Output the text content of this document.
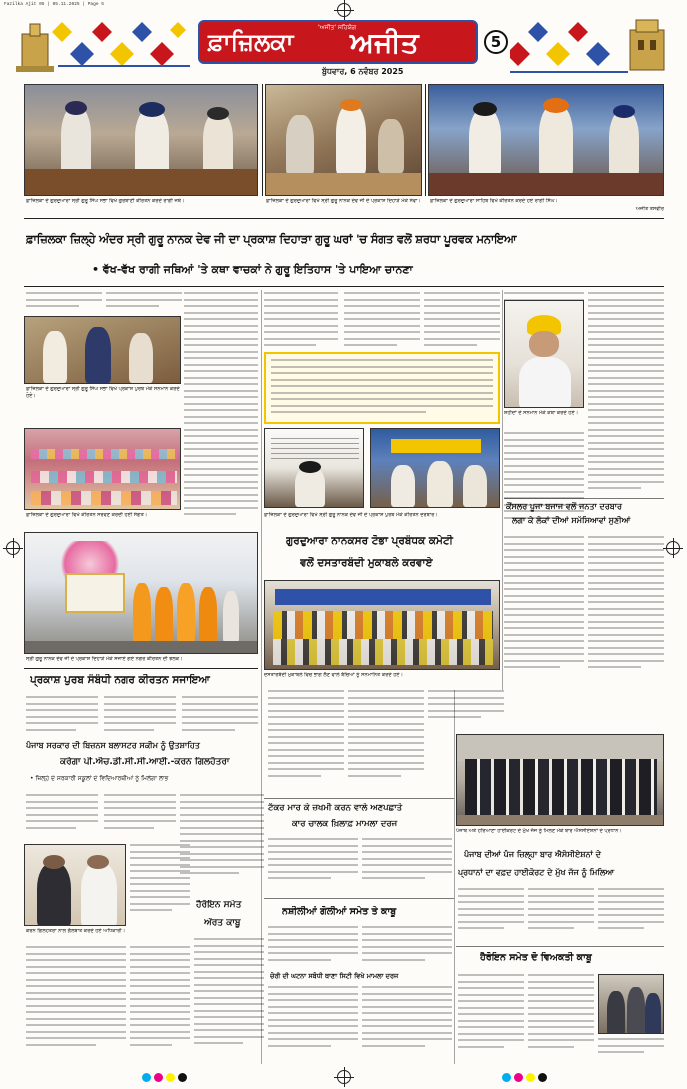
Fazilka Ajit 05 | 05.11.2025 | Page 5
ਫ਼ਾਜ਼ਿਲਕਾ
'ਅਜੀਤ' ਸਹਿਯੋਗ
ਅਜੀਤ
ਬੁੱਧਵਾਰ, 6 ਨਵੰਬਰ 2025
5
ਫ਼ਾਜ਼ਿਲਕਾ ਦੇ ਗੁਰਦੁਆਰਾ ਸ੍ਰੀ ਗੁਰੂ ਸਿੰਘ ਸਭਾ ਵਿਖੇ ਗੁਰਬਾਣੀ ਕੀਰਤਨ ਕਰਦੇ ਰਾਗੀ ਜਥੇ।	ਫ਼ਾਜ਼ਿਲਕਾ ਦੇ ਗੁਰਦੁਆਰਾ ਵਿਖੇ ਸ੍ਰੀ ਗੁਰੂ ਨਾਨਕ ਦੇਵ ਜੀ ਦੇ ਪ੍ਰਕਾਸ਼ ਦਿਹਾੜੇ ਮੌਕੇ ਸੇਵਾ। ਫ਼ਾਜ਼ਿਲਕਾ ਦੇ ਗੁਰਦੁਆਰਾ ਸਾਹਿਬ ਵਿਖੇ ਕੀਰਤਨ ਕਰਦੇ ਹੋਏ ਰਾਗੀ ਸਿੰਘ।
ਅਜੀਤ ਤਸਵੀਰ
ਫ਼ਾਜ਼ਿਲਕਾ ਜ਼ਿਲ੍ਹੇ ਅੰਦਰ ਸ੍ਰੀ ਗੁਰੂ ਨਾਨਕ ਦੇਵ ਜੀ ਦਾ ਪ੍ਰਕਾਸ਼ ਦਿਹਾੜਾ ਗੁਰੂ ਘਰਾਂ 'ਚ ਸੰਗਤ ਵਲੋਂ ਸ਼ਰਧਾ ਪੂਰਵਕ ਮਨਾਇਆ
• ਵੱਖ-ਵੱਖ ਰਾਗੀ ਜਥਿਆਂ 'ਤੇ ਕਥਾ ਵਾਚਕਾਂ ਨੇ ਗੁਰੂ ਇਤਿਹਾਸ 'ਤੇ ਪਾਇਆ ਚਾਨਣਾ
ਫ਼ਾਜ਼ਿਲਕਾ ਦੇ ਗੁਰਦੁਆਰਾ ਸ੍ਰੀ ਗੁਰੂ ਸਿੰਘ ਸਭਾ ਵਿਖੇ ਪ੍ਰਕਾਸ਼ ਪੁਰਬ ਮੌਕੇ ਸਨਮਾਨ ਕਰਦੇ ਹੋਏ।
ਫ਼ਾਜ਼ਿਲਕਾ ਦੇ ਗੁਰਦੁਆਰਾ ਵਿਖੇ ਕੀਰਤਨ ਸਰਵਣ ਕਰਦੀ ਹੋਈ ਸੰਗਤ।
ਸ੍ਰੀ ਗੁਰੂ ਨਾਨਕ ਦੇਵ ਜੀ ਦੇ ਪ੍ਰਕਾਸ਼ ਦਿਹਾੜੇ ਮੌਕੇ ਸਜਾਏ ਗਏ ਨਗਰ ਕੀਰਤਨ ਦੀ ਝਲਕ।
ਫ਼ਾਜ਼ਿਲਕਾ ਦੇ ਗੁਰਦੁਆਰਾ ਵਿਖੇ ਸ੍ਰੀ ਗੁਰੂ ਨਾਨਕ ਦੇਵ ਜੀ ਦੇ ਪ੍ਰਕਾਸ਼ ਪੁਰਬ ਮੌਕੇ ਕੀਰਤਨ ਦਰਬਾਰ।
ਗੁਰਦੁਆਰਾ ਨਾਨਕਸਰ ਟੋਭਾ ਪ੍ਰਬੰਧਕ ਕਮੇਟੀ
ਵਲੋਂ ਦਸਤਾਰਬੰਦੀ ਮੁਕਾਬਲੇ ਕਰਵਾਏ
ਦਸਤਾਰਬੰਦੀ ਮੁਕਾਬਲੇ ਵਿਚ ਭਾਗ ਲੈਣ ਵਾਲੇ ਬੱਚਿਆਂ ਨੂੰ ਸਨਮਾਨਿਤ ਕਰਦੇ ਹੋਏ।
ਸ਼ਹੀਦਾਂ ਦੇ ਸਨਮਾਨ ਮੌਕੇ ਕਥਾ ਕਰਦੇ ਹੋਏ।
ਕੌਂਸਲਰ ਪੂਜਾ ਬਜਾਜ ਵਲੋਂ ਜਨਤਾ ਦਰਬਾਰ
ਲਗਾ ਕੇ ਲੋਕਾਂ ਦੀਆਂ ਸਮੱਸਿਆਵਾਂ ਸੁਣੀਆਂ
ਪ੍ਰਕਾਸ਼ ਪੁਰਬ ਸੰਬੰਧੀ ਨਗਰ ਕੀਰਤਨ ਸਜਾਇਆ
ਪੰਜਾਬ ਸਰਕਾਰ ਦੀ ਬਿਜ਼ਨਸ ਬਲਾਸਟਰ ਸਕੀਮ ਨੂੰ ਉਤਸ਼ਾਹਿਤ
ਕਰੇਗਾ ਪੀ.ਐਚ.ਡੀ.ਸੀ.ਸੀ.ਆਈ.-ਕਰਨ ਗਿਲਹੋਤਰਾ
• ਜ਼ਿਲ੍ਹੇ ਦੇ ਸਰਕਾਰੀ ਸਕੂਲਾਂ ਦੇ ਵਿਦਿਆਰਥੀਆਂ ਨੂੰ ਮਿਲੇਗਾ ਲਾਭ
ਕਰਨ ਗਿਲਹੋਤਰਾ ਨਾਲ ਗੱਲਬਾਤ ਕਰਦੇ ਹੋਏ ਅਧਿਕਾਰੀ।
ਹੈਰੋਇਨ ਸਮੇਤ
ਔਰਤ ਕਾਬੂ
ਟੱਕਰ ਮਾਰ ਕੇ ਜ਼ਖਮੀ ਕਰਨ ਵਾਲੇ ਅਣਪਛਾਤੇ
ਕਾਰ ਚਾਲਕ ਖ਼ਿਲਾਫ਼ ਮਾਮਲਾ ਦਰਜ
ਨਸ਼ੀਲੀਆਂ ਗੋਲੀਆਂ ਸਮੇਤ ਤੇ ਕਾਬੂ
ਚੋਰੀ ਦੀ ਘਟਨਾ ਸਬੰਧੀ ਥਾਣਾ ਸਿਟੀ ਵਿਖੇ ਮਾਮਲਾ ਦਰਜ
ਪੰਜਾਬ ਅਤੇ ਹਰਿਆਣਾ ਹਾਈਕੋਰਟ ਦੇ ਮੁੱਖ ਜੱਜ ਨੂੰ ਮਿਲਣ ਮੌਕੇ ਬਾਰ ਐਸੋਸੀਏਸ਼ਨਾਂ ਦੇ ਪ੍ਰਧਾਨ।
ਪੰਜਾਬ ਦੀਆਂ ਪੰਜ ਜ਼ਿਲ੍ਹਾ ਬਾਰ ਐਸੋਸੀਏਸ਼ਨਾਂ ਦੇ
ਪ੍ਰਧਾਨਾਂ ਦਾ ਵਫ਼ਦ ਹਾਈਕੋਰਟ ਦੇ ਮੁੱਖ ਜੱਜ ਨੂੰ ਮਿਲਿਆ
ਹੈਰੋਇਨ ਸਮੇਤ ਦੋ ਵਿਅਕਤੀ ਕਾਬੂ
